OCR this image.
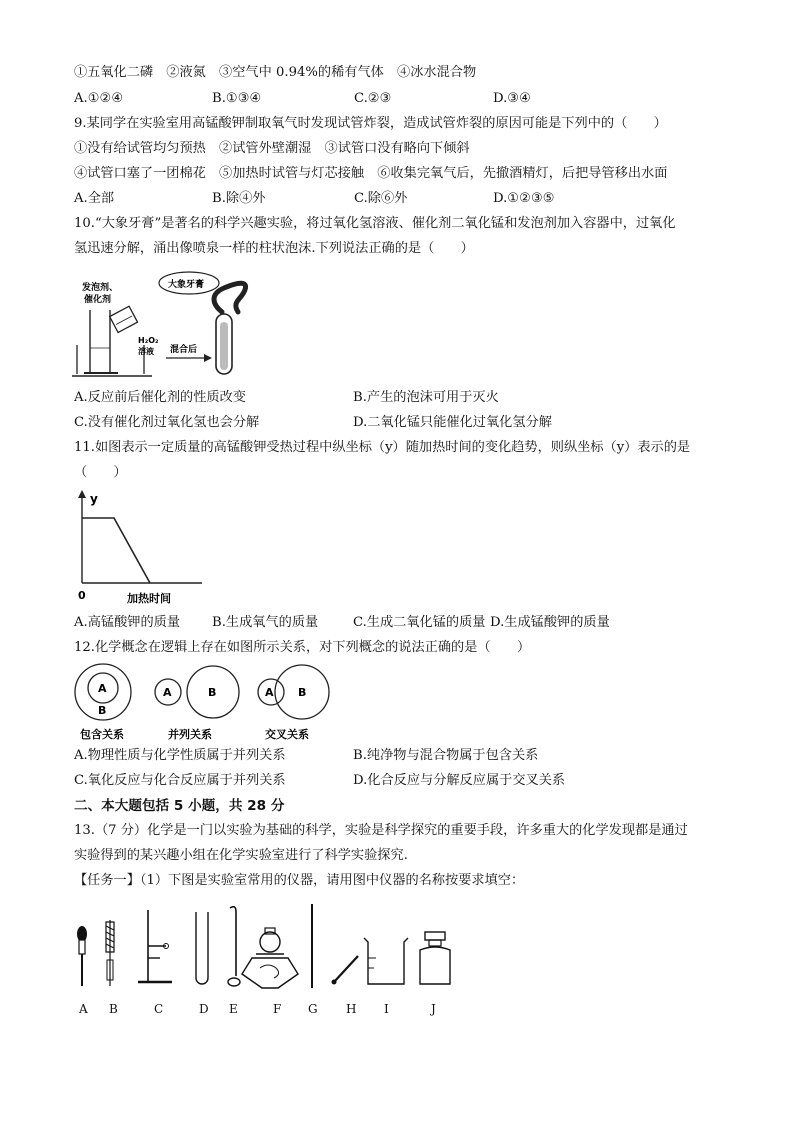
①五氧化二磷　②液氮　③空气中 0.94%的稀有气体　④冰水混合物
A.①②④	B.①③④	C.②③	D.③④
9.某同学在实验室用高锰酸钾制取氧气时发现试管炸裂，造成试管炸裂的原因可能是下列中的（　　）
①没有给试管均匀预热　②试管外壁潮湿　③试管口没有略向下倾斜
④试管口塞了一团棉花　⑤加热时试管与灯芯接触　⑥收集完氧气后，先撤酒精灯，后把导管移出水面
A.全部	B.除④外	C.除⑥外	D.①②③⑤
10.“大象牙膏”是著名的科学兴趣实验，将过氧化氢溶液、催化剂二氧化锰和发泡剂加入容器中，过氧化
氢迅速分解，涌出像喷泉一样的柱状泡沫.下列说法正确的是（　　）
发泡剂、
催化剂
H₂O₂
溶液 混合后
大象牙膏
A.反应前后催化剂的性质改变	B.产生的泡沫可用于灭火
C.没有催化剂过氧化氢也会分解	D.二氧化锰只能催化过氧化氢分解
11.如图表示一定质量的高锰酸钾受热过程中纵坐标（y）随加热时间的变化趋势，则纵坐标（y）表示的是
（　　）
y
0	加热时间
A.高锰酸钾的质量 B.生成氧气的质量	C.生成二氧化锰的质量 D.生成锰酸钾的质量
12.化学概念在逻辑上存在如图所示关系，对下列概念的说法正确的是（　　）
A
B
包含关系
A	B
并列关系
A B
交叉关系
A.物理性质与化学性质属于并列关系	B.纯净物与混合物属于包含关系
C.氧化反应与化合反应属于并列关系	D.化合反应与分解反应属于交叉关系
二、本大题包括 5 小题，共 28 分
13.（7 分）化学是一门以实验为基础的科学，实验是科学探究的重要手段，许多重大的化学发现都是通过
实验得到的某兴趣小组在化学实验室进行了科学实验探究.
【任务一】（1）下图是实验室常用的仪器，请用图中仪器的名称按要求填空：
A B	C	D E	F G H I	J
